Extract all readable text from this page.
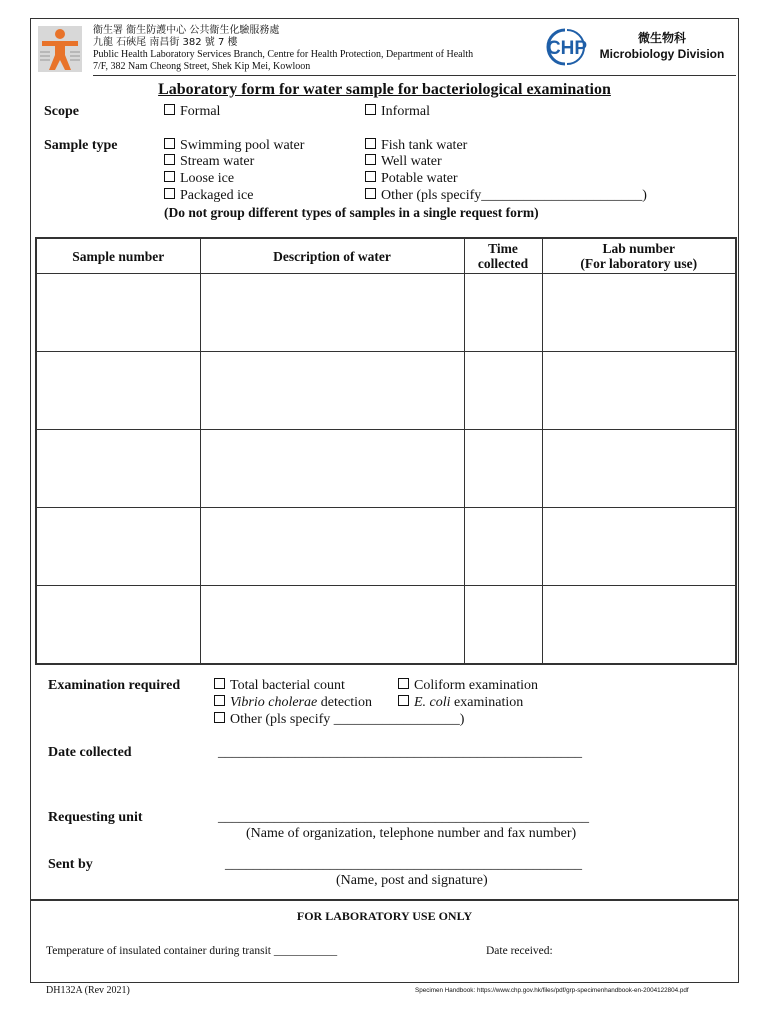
衞生署 衞生防護中心 公共衞生化驗服務處
九龍 石硤尾 南昌街 382 號 7 樓
Public Health Laboratory Services Branch, Centre for Health Protection, Department of Health
7/F, 382 Nam Cheong Street, Shek Kip Mei, Kowloon
CHP	微生物科
Microbiology Division
Laboratory form for water sample for bacteriological examination
Scope	Formal	Informal
Sample type	Swimming pool water	Fish tank water
Stream water	Well water
Loose ice	Potable water
Packaged ice	Other (pls specify_______________________)
(Do not group different types of samples in a single request form)
Sample number	Description of water	Time
collected	Lab number
(For laboratory use)

Examination required	Total bacterial count	Coliform examination
Vibrio cholerae detection	E. coli examination
Other (pls specify __________________)
Date collected	____________________________________________________
Requesting unit	_____________________________________________________
(Name of organization, telephone number and fax number)
Sent by	___________________________________________________
(Name, post and signature)
FOR LABORATORY USE ONLY
Temperature of insulated container during transit ___________	Date received:
DH132A (Rev 2021)	Specimen Handbook: https://www.chp.gov.hk/files/pdf/grp-specimenhandbook-en-2004122804.pdf
